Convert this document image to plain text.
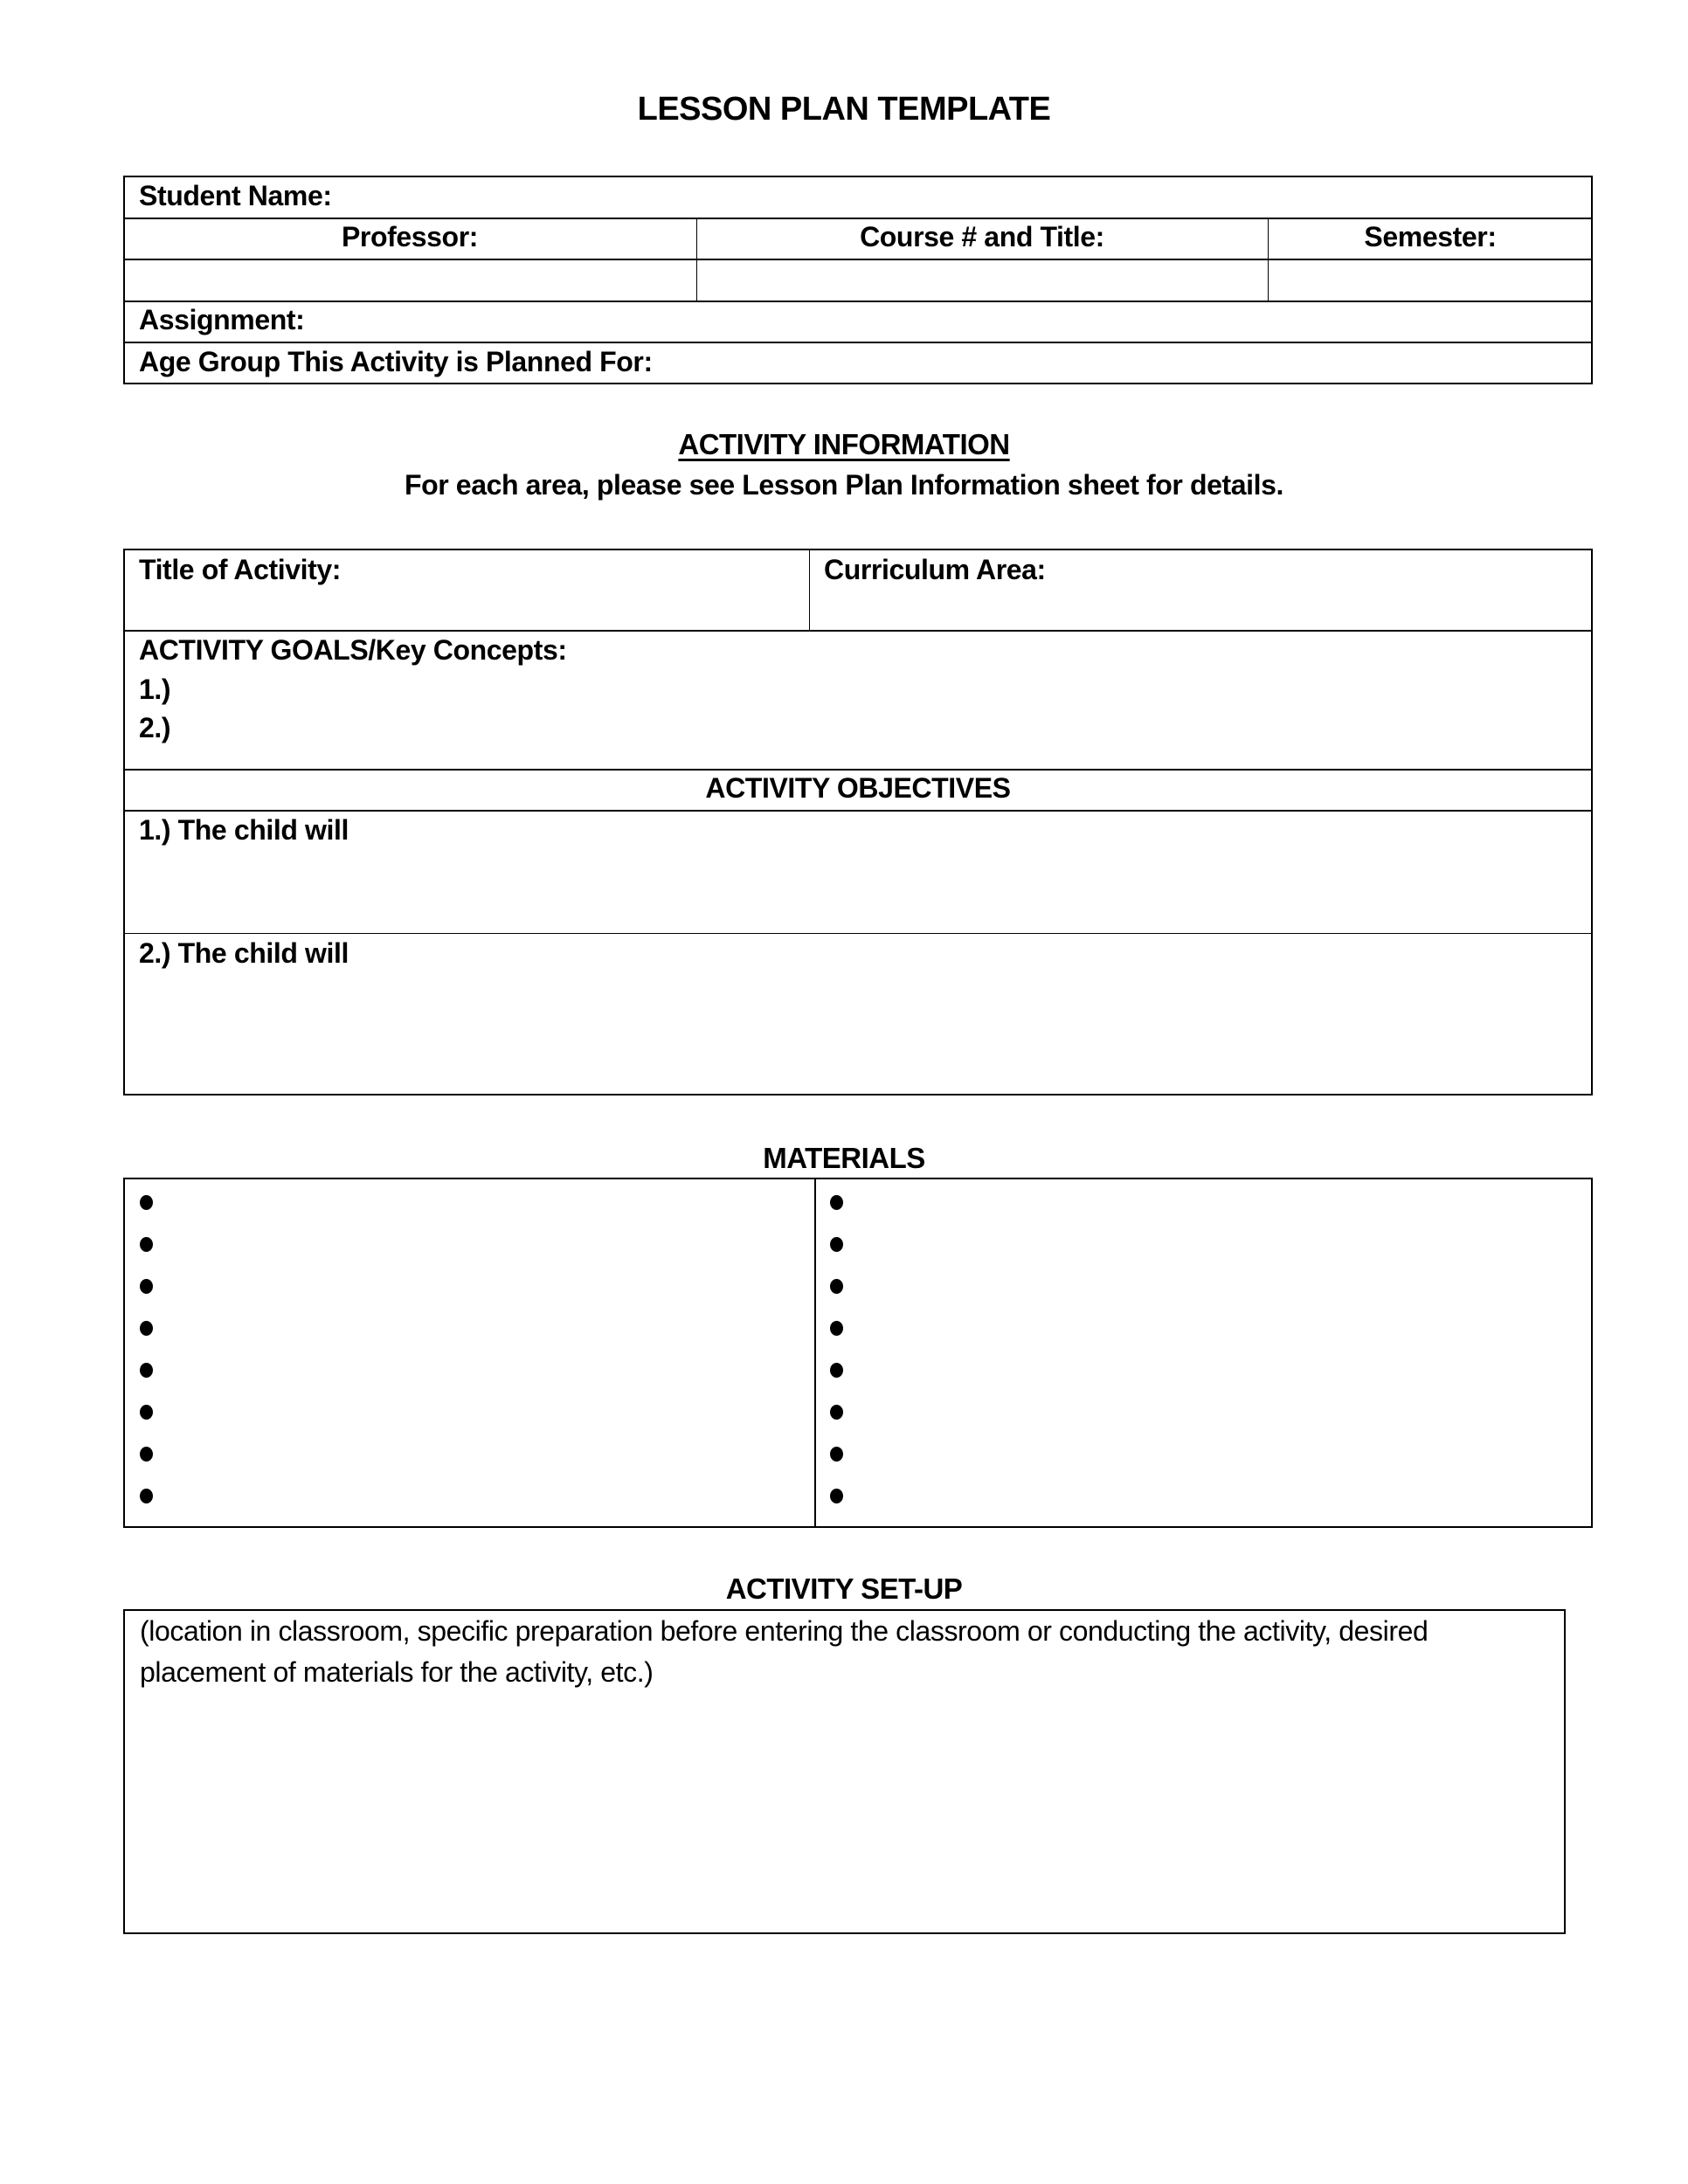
LESSON PLAN TEMPLATE
Student Name:
Professor:	Course # and Title:	Semester:
Assignment:
Age Group This Activity is Planned For:
ACTIVITY INFORMATION
For each area, please see Lesson Plan Information sheet for details.
Title of Activity:	Curriculum Area:
ACTIVITY GOALS/Key Concepts:
1.)
2.)
ACTIVITY OBJECTIVES
1.) The child will
2.) The child will
MATERIALS
ACTIVITY SET-UP
(location in classroom, specific preparation before entering the classroom or conducting the activity, desired placement of materials for the activity, etc.)
